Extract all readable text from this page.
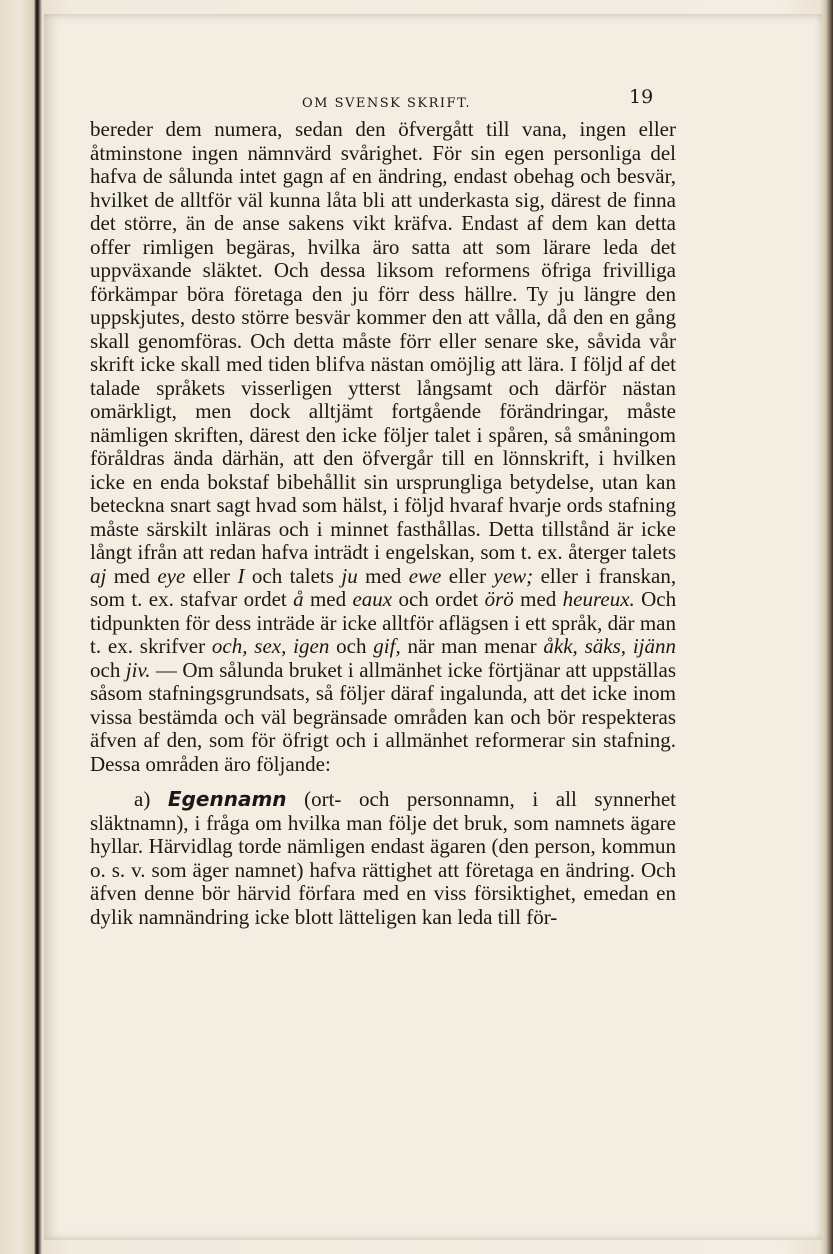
OM SVENSK SKRIFT.	19

bereder dem numera, sedan den öfvergått till vana, ingen eller åtminstone ingen nämnvärd svårighet. För sin egen personliga del hafva de sålunda intet gagn af en ändring, endast obehag och besvär, hvilket de alltför väl kunna låta bli att underkasta sig, därest de finna det större, än de anse sakens vikt kräfva. Endast af dem kan detta offer rimligen begäras, hvilka äro satta att som lärare leda det uppväxande släktet. Och dessa liksom reformens öfriga frivilliga förkämpar böra företaga den ju förr dess hällre. Ty ju längre den uppskjutes, desto större besvär kommer den att vålla, då den en gång skall genomföras. Och detta måste förr eller senare ske, såvida vår skrift icke skall med tiden blifva nästan omöjlig att lära. I följd af det talade språkets visserligen ytterst långsamt och därför nästan omärkligt, men dock alltjämt fortgående förändringar, måste nämligen skriften, därest den icke följer talet i spåren, så småningom föråldras ända därhän, att den öfvergår till en lönnskrift, i hvilken icke en enda bokstaf bibehållit sin ursprungliga betydelse, utan kan beteckna snart sagt hvad som hälst, i följd hvaraf hvarje ords stafning måste särskilt inläras och i minnet fasthållas. Detta tillstånd är icke långt ifrån att redan hafva inträdt i engelskan, som t. ex. återger talets aj med eye eller I och talets ju med ewe eller yew; eller i franskan, som t. ex. stafvar ordet å med eaux och ordet örö med heureux. Och tidpunkten för dess inträde är icke alltför aflägsen i ett språk, där man t. ex. skrifver och, sex, igen och gif, när man menar åkk, säks, ijänn och jiv. — Om sålunda bruket i allmänhet icke förtjänar att uppställas såsom stafningsgrundsats, så följer däraf ingalunda, att det icke inom vissa bestämda och väl begränsade områden kan och bör respekteras äfven af den, som för öfrigt och i allmänhet reformerar sin stafning. Dessa områden äro följande:

a) Egennamn (ort- och personnamn, i all synnerhet släktnamn), i fråga om hvilka man följe det bruk, som namnets ägare hyllar. Härvidlag torde nämligen endast ägaren (den person, kommun o. s. v. som äger namnet) hafva rättighet att företaga en ändring. Och äfven denne bör härvid förfara med en viss försiktighet, emedan en dylik namnändring icke blott lätteligen kan leda till för-
